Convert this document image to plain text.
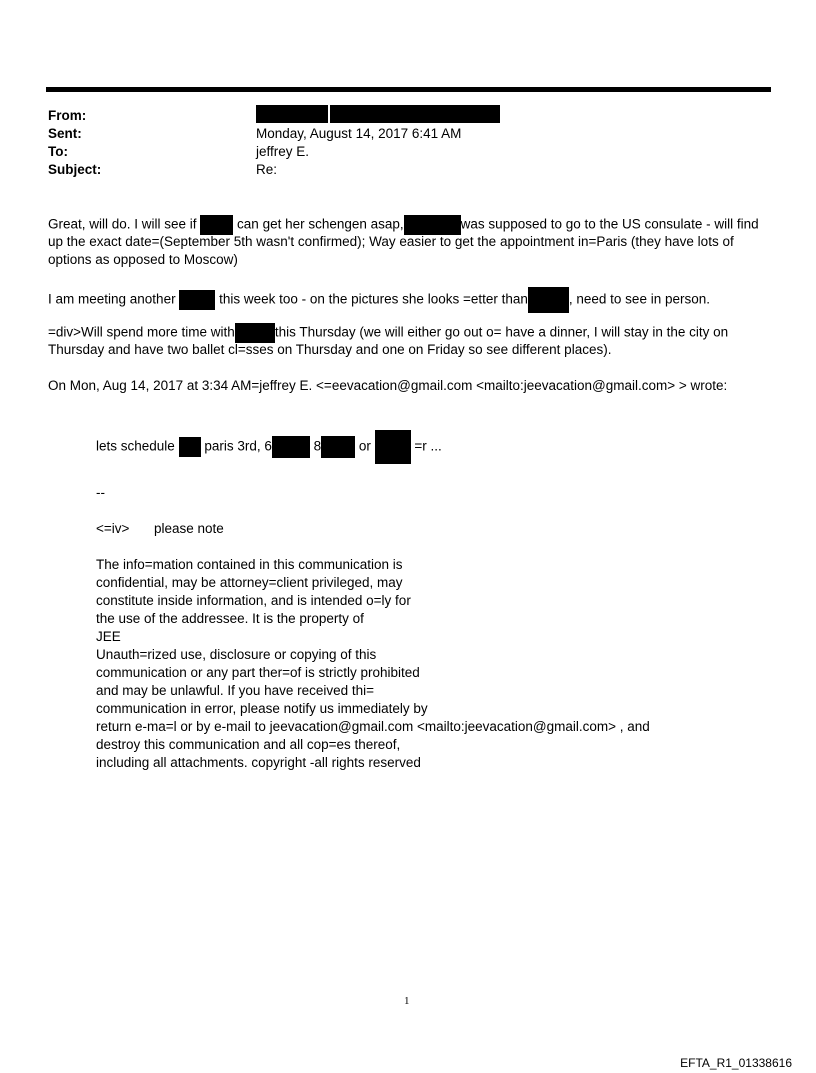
From:
Sent:	Monday, August 14, 2017 6:41 AM
To:	jeffrey E.
Subject:	Re:
Great, will do. I will see if  can get her schengen asap,	was supposed to go to the US consulate - will find
up the exact date=(September 5th wasn't confirmed); Way easier to get the appointment in=Paris (they have lots of
options as opposed to Moscow)
I am meeting another	this week too - on the pictures she looks =etter than	, need to see in person.
=div>Will spend more time with	this Thursday (we will either go out o= have a dinner, I will stay in the city on
Thursday and have two ballet cl=sses on Thursday and one on Friday so see different places).
On Mon, Aug 14, 2017 at 3:34 AM=jeffrey E. <=eevacation@gmail.com <mailto:jeevacation@gmail.com> > wrote:
lets schedule  paris 3rd, 6	8	or	=r ...
--
<=iv> please note
The info=mation contained in this communication is
confidential, may be attorney=client privileged, may
constitute inside information, and is intended o=ly for
the use of the addressee. It is the property of
JEE
Unauth=rized use, disclosure or copying of this
communication or any part ther=of is strictly prohibited
and may be unlawful. If you have received thi=
communication in error, please notify us immediately by
return e-ma=l or by e-mail to jeevacation@gmail.com <mailto:jeevacation@gmail.com> , and
destroy this communication and all cop=es thereof,
including all attachments. copyright -all rights reserved
1
EFTA_R1_01338616
